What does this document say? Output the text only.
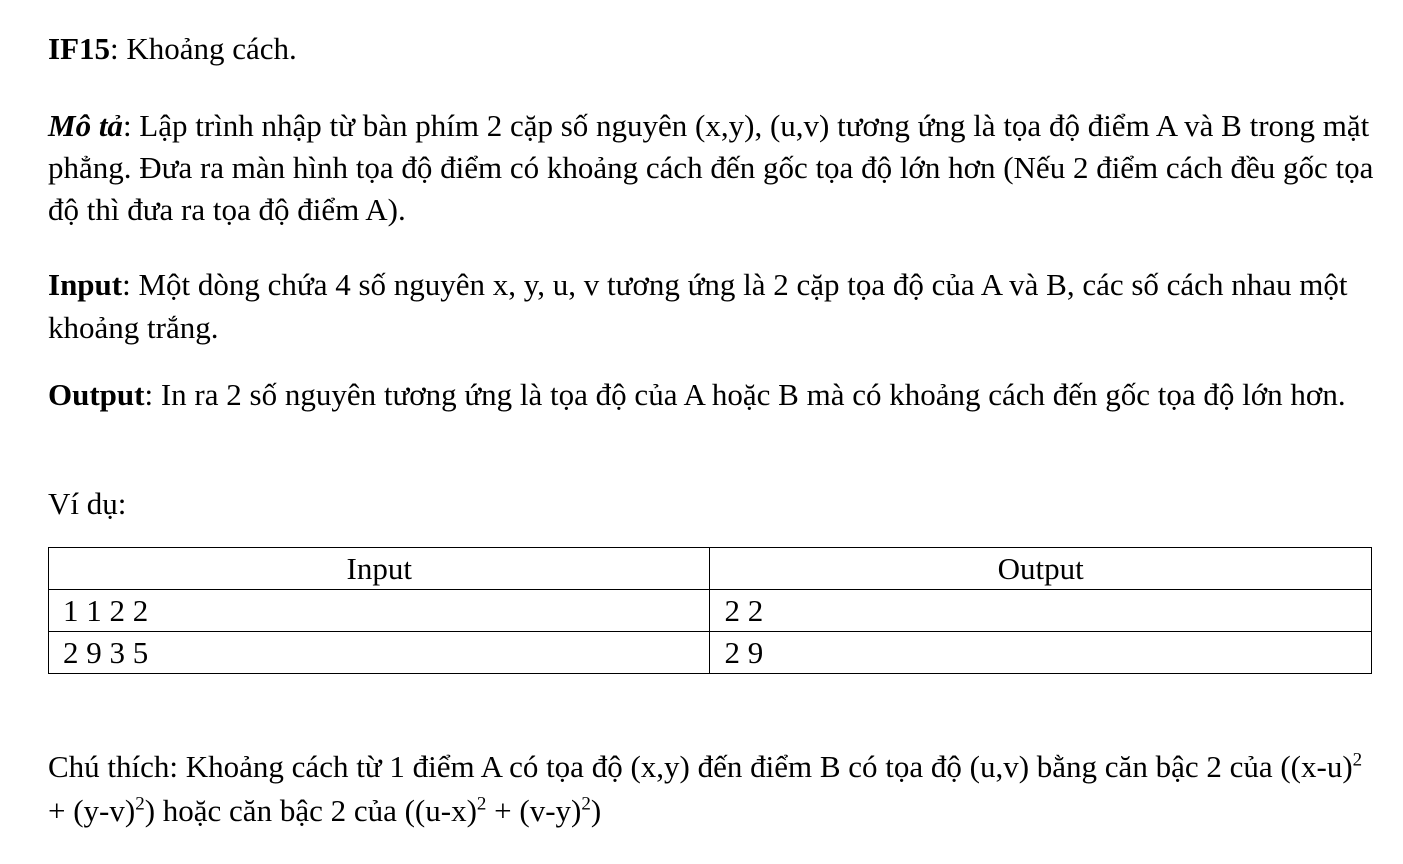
IF15: Khoảng cách.

Mô tả: Lập trình nhập từ bàn phím 2 cặp số nguyên (x,y), (u,v) tương ứng là tọa độ điểm A và B trong mặt phẳng. Đưa ra màn hình tọa độ điểm có khoảng cách đến gốc tọa độ lớn hơn (Nếu 2 điểm cách đều gốc tọa độ thì đưa ra tọa độ điểm A).

Input: Một dòng chứa 4 số nguyên x, y, u, v tương ứng là 2 cặp tọa độ của A và B, các số cách nhau một khoảng trắng.

Output: In ra 2 số nguyên tương ứng là tọa độ của A hoặc B mà có khoảng cách đến gốc tọa độ lớn hơn.

Ví dụ:

Input	Output
1 1 2 2	2 2
2 9 3 5	2 9

Chú thích: Khoảng cách từ 1 điểm A có tọa độ (x,y) đến điểm B có tọa độ (u,v) bằng căn bậc 2 của $((x-u)^2 + (y-v)^2)$ hoặc căn bậc 2 của $((u-x)^2 + (v-y)^2)$
